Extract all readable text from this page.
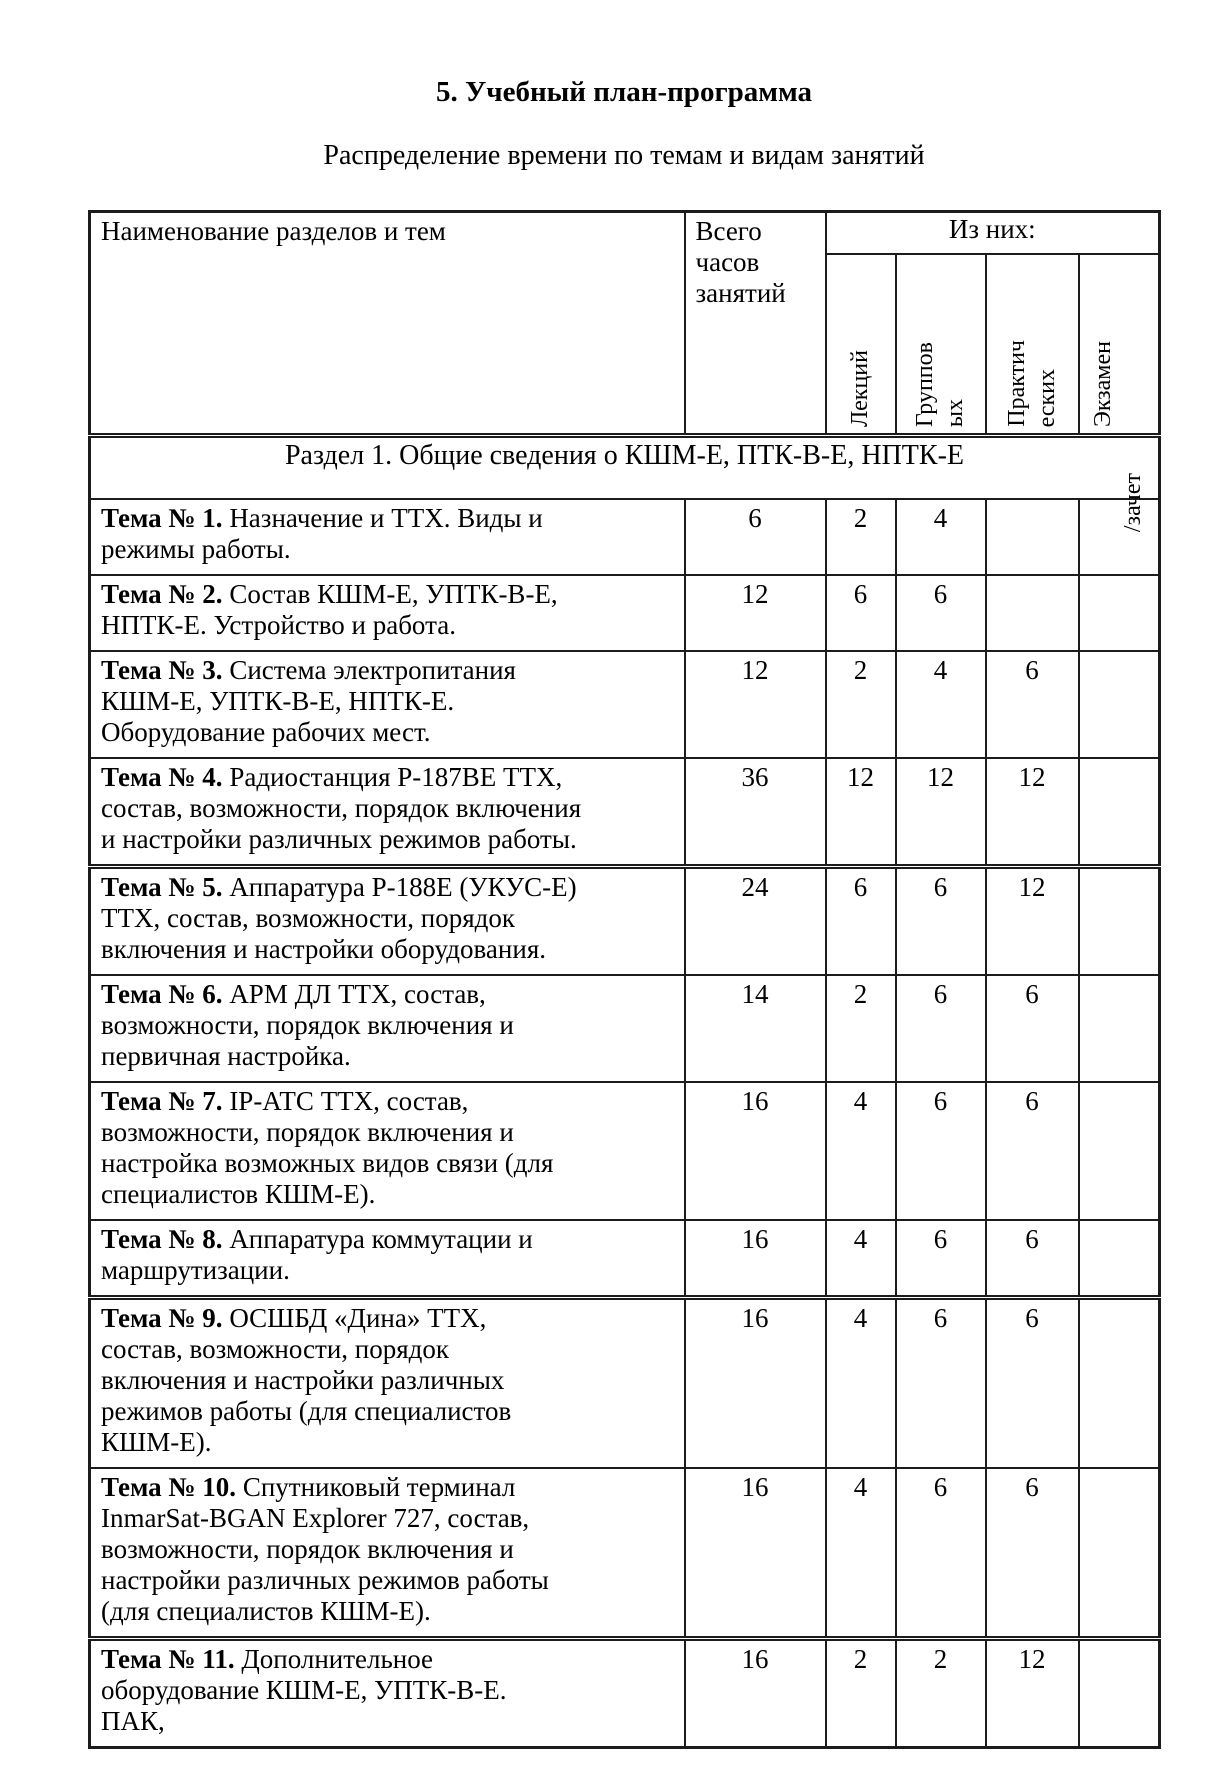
5. Учебный план-программа
Распределение времени по темам и видам занятий
Наименование разделов и тем	Всего часов занятий	Из них:			

		Лекций	Группов ых	Практич еских	Экзамен
/зачет

Раздел 1. Общие сведения о КШМ-Е, ПТК-В-Е, НПТК-Е					
Тема № 1. Назначение и ТТХ. Виды и режимы работы.	6	2	4		
Тема № 2. Состав КШМ-Е, УПТК-В-Е, НПТК-Е. Устройство и работа.	12	6	6		
Тема № 3. Система электропитания КШМ-Е, УПТК-В-Е, НПТК-Е. Оборудование рабочих мест.	12	2	4	6	
Тема № 4. Радиостанция Р-187ВЕ ТТХ, состав, возможности, порядок включения и настройки различных режимов работы.	36	12	12	12	
Тема № 5. Аппаратура Р-188Е (УКУС-Е) ТТХ, состав, возможности, порядок включения и настройки оборудования.	24	6	6	12	
Тема № 6. АРМ ДЛ ТТХ, состав, возможности, порядок включения и первичная настройка.	14	2	6	6	
Тема № 7. IP-АТС ТТХ, состав, возможности, порядок включения и настройка возможных видов связи (для специалистов КШМ-Е).	16	4	6	6	
Тема № 8. Аппаратура коммутации и маршрутизации.	16	4	6	6	
Тема № 9. ОСШБД «Дина» ТТХ, состав, возможности, порядок включения и настройки различных режимов работы (для специалистов КШМ-Е).	16	4	6	6	
Тема № 10. Спутниковый терминал InmarSat-BGAN Explorer 727, состав, возможности, порядок включения и настройки различных режимов работы (для специалистов КШМ-Е).	16	4	6	6	
Тема № 11. Дополнительное оборудование КШМ-Е, УПТК-В-Е. ПАК,	16	2	2	12	
